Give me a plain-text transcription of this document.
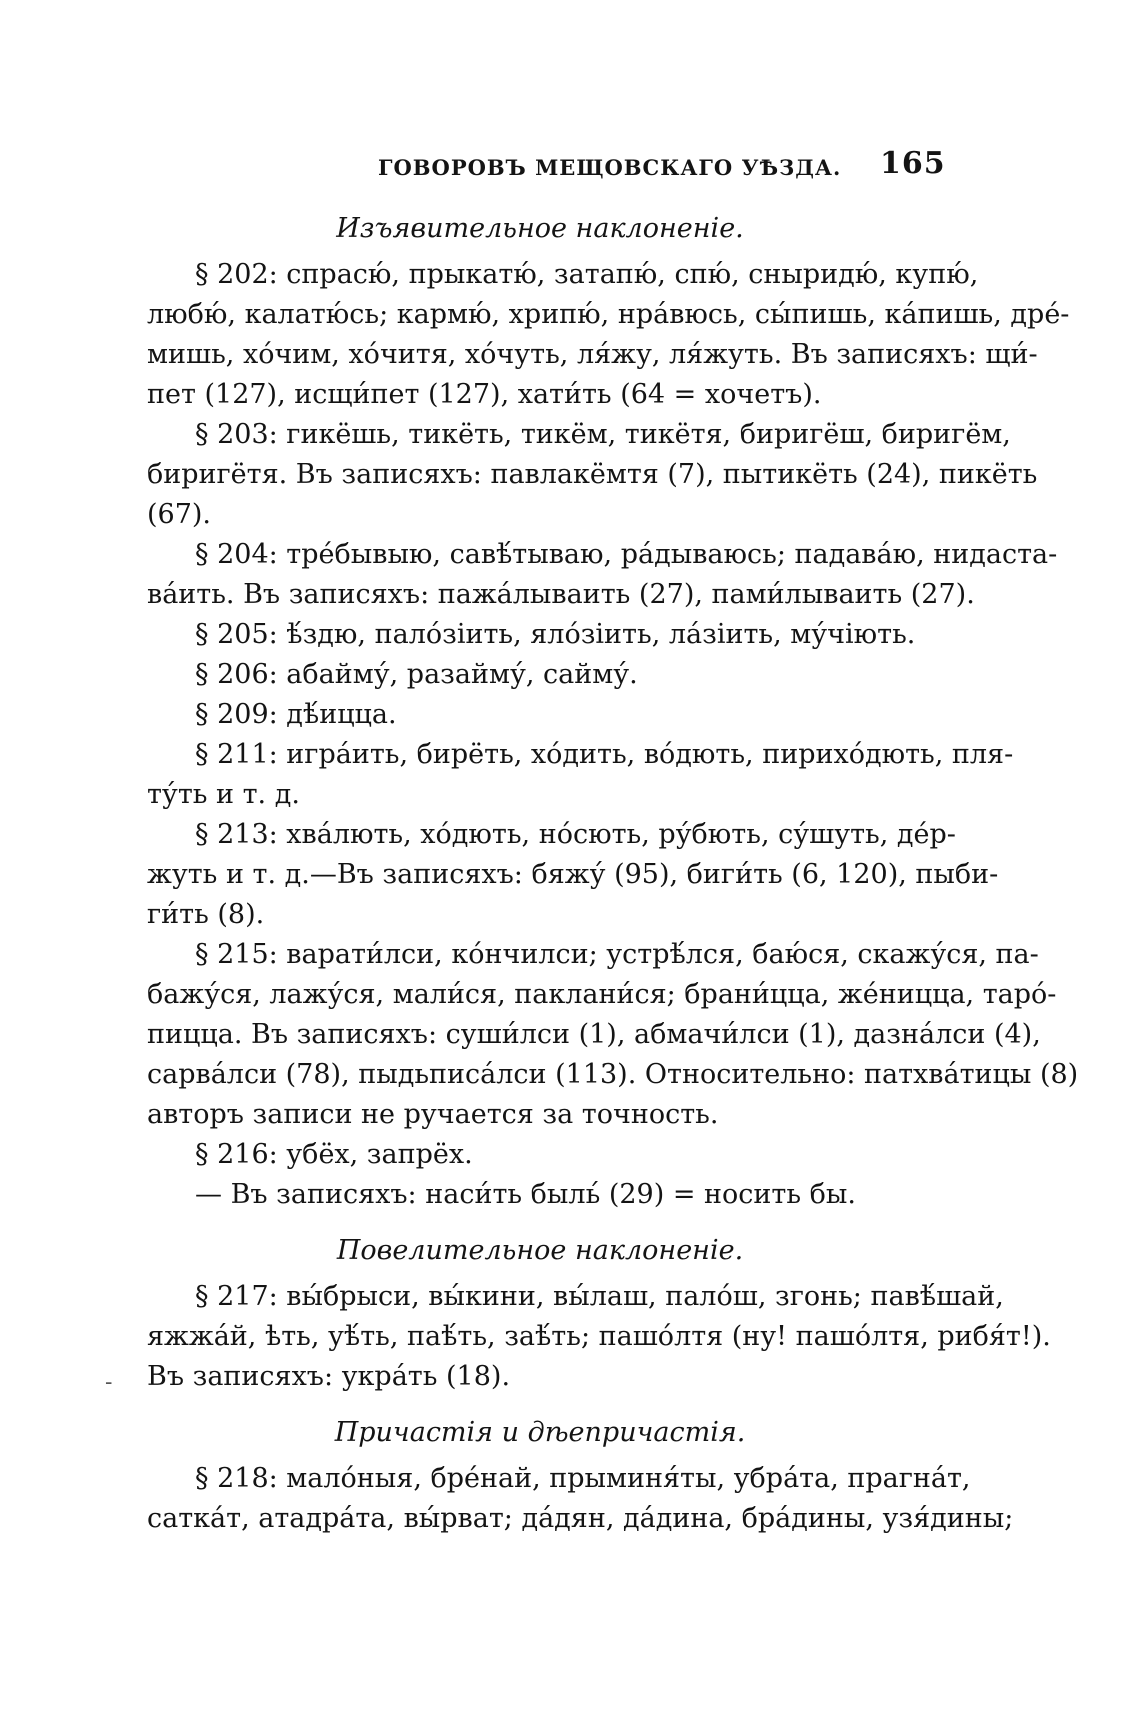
ГОВОРОВЪ МЕЩОВСКАГО УѢЗДА. 165
Изъявительное наклоненіе.
§ 202: спрасю́, прыкатю́, затапю́, спю́, сныридю́, купю́,
любю́, калатю́сь; кармю́, хрипю́, нра́вюсь, сы́пишь, ка́пишь, дрé-
мишь, хóчим, хóчитя, хóчуть, ля́жу, ля́жуть. Въ записяхъ: щи́-
пет (127), исщи́пет (127), хати́ть (64 = хочетъ).
§ 203: гикёшь, тикёть, тикём, тикётя, биригёш, биригём,
биригётя. Въ записяхъ: павлакёмтя (7), пытикёть (24), пикёть
(67).
§ 204: трéбывыю, савѣ́тываю, ра́дываюсь; падава́ю, нидаста-
ва́ить. Въ записяхъ: пажа́лываить (27), пами́лываить (27).
§ 205: ѣ́здю, пало́зіить, ялóзіить, ла́зіить, му́чіють.
§ 206: абайму́, разайму́, сайму́.
§ 209: дѣ́ицца.
§ 211: игра́ить, бирёть, хóдить, вóдють, пирихóдють, пля-
ту́ть и т. д.
§ 213: хва́лють, хóдють, нóсють, ру́бють, су́шуть, дéр-
жуть и т. д.—Въ записяхъ: бяжу́ (95), биги́ть (6, 120), пыби-
ги́ть (8).
§ 215: варати́лси, кóнчилси; устрѣ́лся, баю́ся, скажу́ся, па-
бажу́ся, лажу́ся, мали́ся, паклани́ся; брани́цца, жéницца, тарó-
пицца. Въ записяхъ: суши́лси (1), абмачи́лси (1), дазна́лси (4),
сарва́лси (78), пыдьписа́лси (113). Относительно: патхва́тицы (8)
авторъ записи не ручается за точность.
§ 216: убёх, запрёх.
— Въ записяхъ: наси́ть быль́ (29) = носить бы.
Повелительное наклоненіе.
§ 217: вы́брыси, вы́кини, вы́лаш, палóш, згонь; павѣ́шай,
яжжа́й, ѣть, уѣ́ть, паѣ́ть, заѣ́ть; пашóлтя (ну! пашóлтя, рибя́т!).
Въ записяхъ: укра́ть (18).
-
Причастія и дѣепричастія.
§ 218: малóныя, брéнай, прыминя́ты, убра́та, прагна́т,
саткáт, атадра́та, вы́рват; да́дян, да́дина, бра́дины, узя́дины;
